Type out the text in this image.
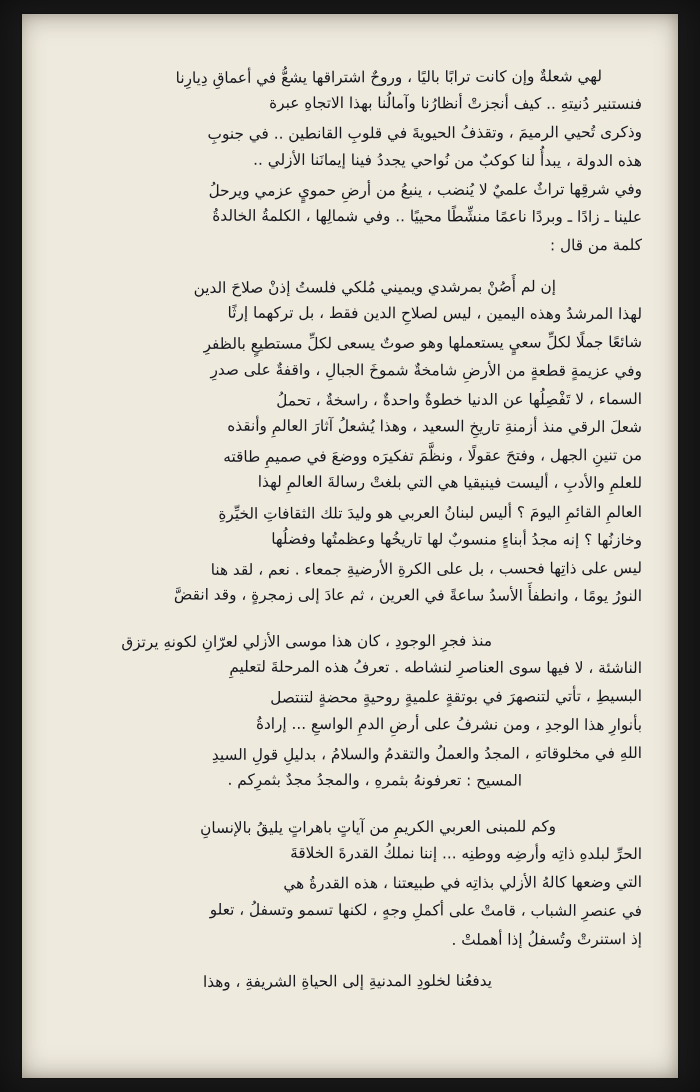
لهي شعلةٌ وإن كانت ترابًا باليًا ، وروحٌ اشتراقها يشعُّ في أعماقِ دِيارِنا
فنستنير دُنيتهِ .. كيف أنجزتْ أنظارُنا وآمالُنا بهذا الاتجاهِ عبرة
وذكرى تُحيي الرميمَ ، وتقذفُ الحيويةَ في قلوبِ القانطين .. في جنوبِ
هذه الدولة ، يبدأُ لنا كوكبٌ من نُواحي يجددُ فينا إيمانَنا الأزلي ..
وفي شرقِها تراثٌ علميٌ لا يُنضب ، ينبعُ من أرضِ حمويٍ عزمي ويرحلُ
علينا ـ زادًا ـ وبردًا ناعمًا منشِّطًا محييًا .. وفي شمالِها ، الكلمةُ الخالدةُ
كلمة من قال :
إن لم أَصُنْ بمرشدي ويميني مُلكي فلستُ إذنْ صلاحَ الدين
لهذا المرشدُ وهذه اليمين ، ليس لصلاحِ الدين فقط ، بل تركهما إرثًا
شائعًا جملًا لكلِّ سعيٍ يستعملها وهو صوتٌ يسعى لكلِّ مستطيعٍ بالظفرِ
وفي عزيمةٍ قطعةٍ من الأرضِ شامخةٌ شموخَ الجبالِ ، واقفةٌ على صدرِ
السماء ، لا تَفْصِلُها عن الدنيا خطوةٌ واحدةٌ ، راسخةٌ ، تحملُ
شعلَ الرقي منذ أزمنةِ تاريخِ السعيد ، وهذا يُشعلُ آثارَ العالمِ وأنقذه
من تنينِ الجهل ، وفتحَ عقولًا ، ونظَّمَ تفكيرَه ووضعَ في صميمِ طاقته
للعلمِ والأدبِ ، أليست فينيقيا هي التي بلغتْ رسالةَ العالمِ لهذا
العالمِ القائمِ اليومَ ؟ أليس لبنانُ العربي هو وليدَ تلك الثقافاتِ الخيِّرةِ
وخازنُها ؟ إنه مجدُ أبناءٍ منسوبٌ لها تاريخُها وعظمتُها وفضلُها
ليس على ذاتِها فحسب ، بل على الكرةِ الأرضيةِ جمعاء . نعم ، لقد هنا
النورُ يومًا ، وانطفأَ الأسدُ ساعةً في العرين ، ثم عادَ إلى زمجرةٍ ، وقد انقضَّ
منذ فجرِ الوجودِ ، كان هذا موسى الأزلي لعرّانِ لكونهِ يرتزق
الناشئة ، لا فيها سوى العناصرِ لنشاطه . تعرفُ هذه المرحلةَ لتعليمِ
البسيطِ ، تأتي لتنصهرَ في بوتقةٍ علميةٍ روحيةٍ محضةٍ لتنتصل
بأنوارِ هذا الوجدِ ، ومن نشرفُ على أرضِ الدمِ الواسعِ ... إرادةُ
اللهِ في مخلوقاتهِ ، المجدُ والعملُ والتقدمُ والسلامُ ، بدليلِ قولِ السيدِ
المسيح : تعرفونهُ بثمرهِ ، والمجدُ مجدٌ بثمرِكم .
وكم للمبنى العربي الكريمِ من آياتٍ باهراتٍ يليقُ بالإنسانِ
الحرِّ لبلدهِ ذاتِه وأرضِه ووطنِه ... إننا نملكُ القدرةَ الخلاقةَ
التي وضعها كالهُ الأزلي بذاتِه في طبيعتنا ، هذه القدرةُ هي
في عنصرِ الشباب ، قامتْ على أكملِ وجهٍ ، لكنها تسمو وتسفلُ ، تعلو
إذ استنرتْ وتُسفلُ إذا أهملتْ .
يدفعُنا لخلودِ المدنيةِ إلى الحياةِ الشريفةِ ، وهذا
